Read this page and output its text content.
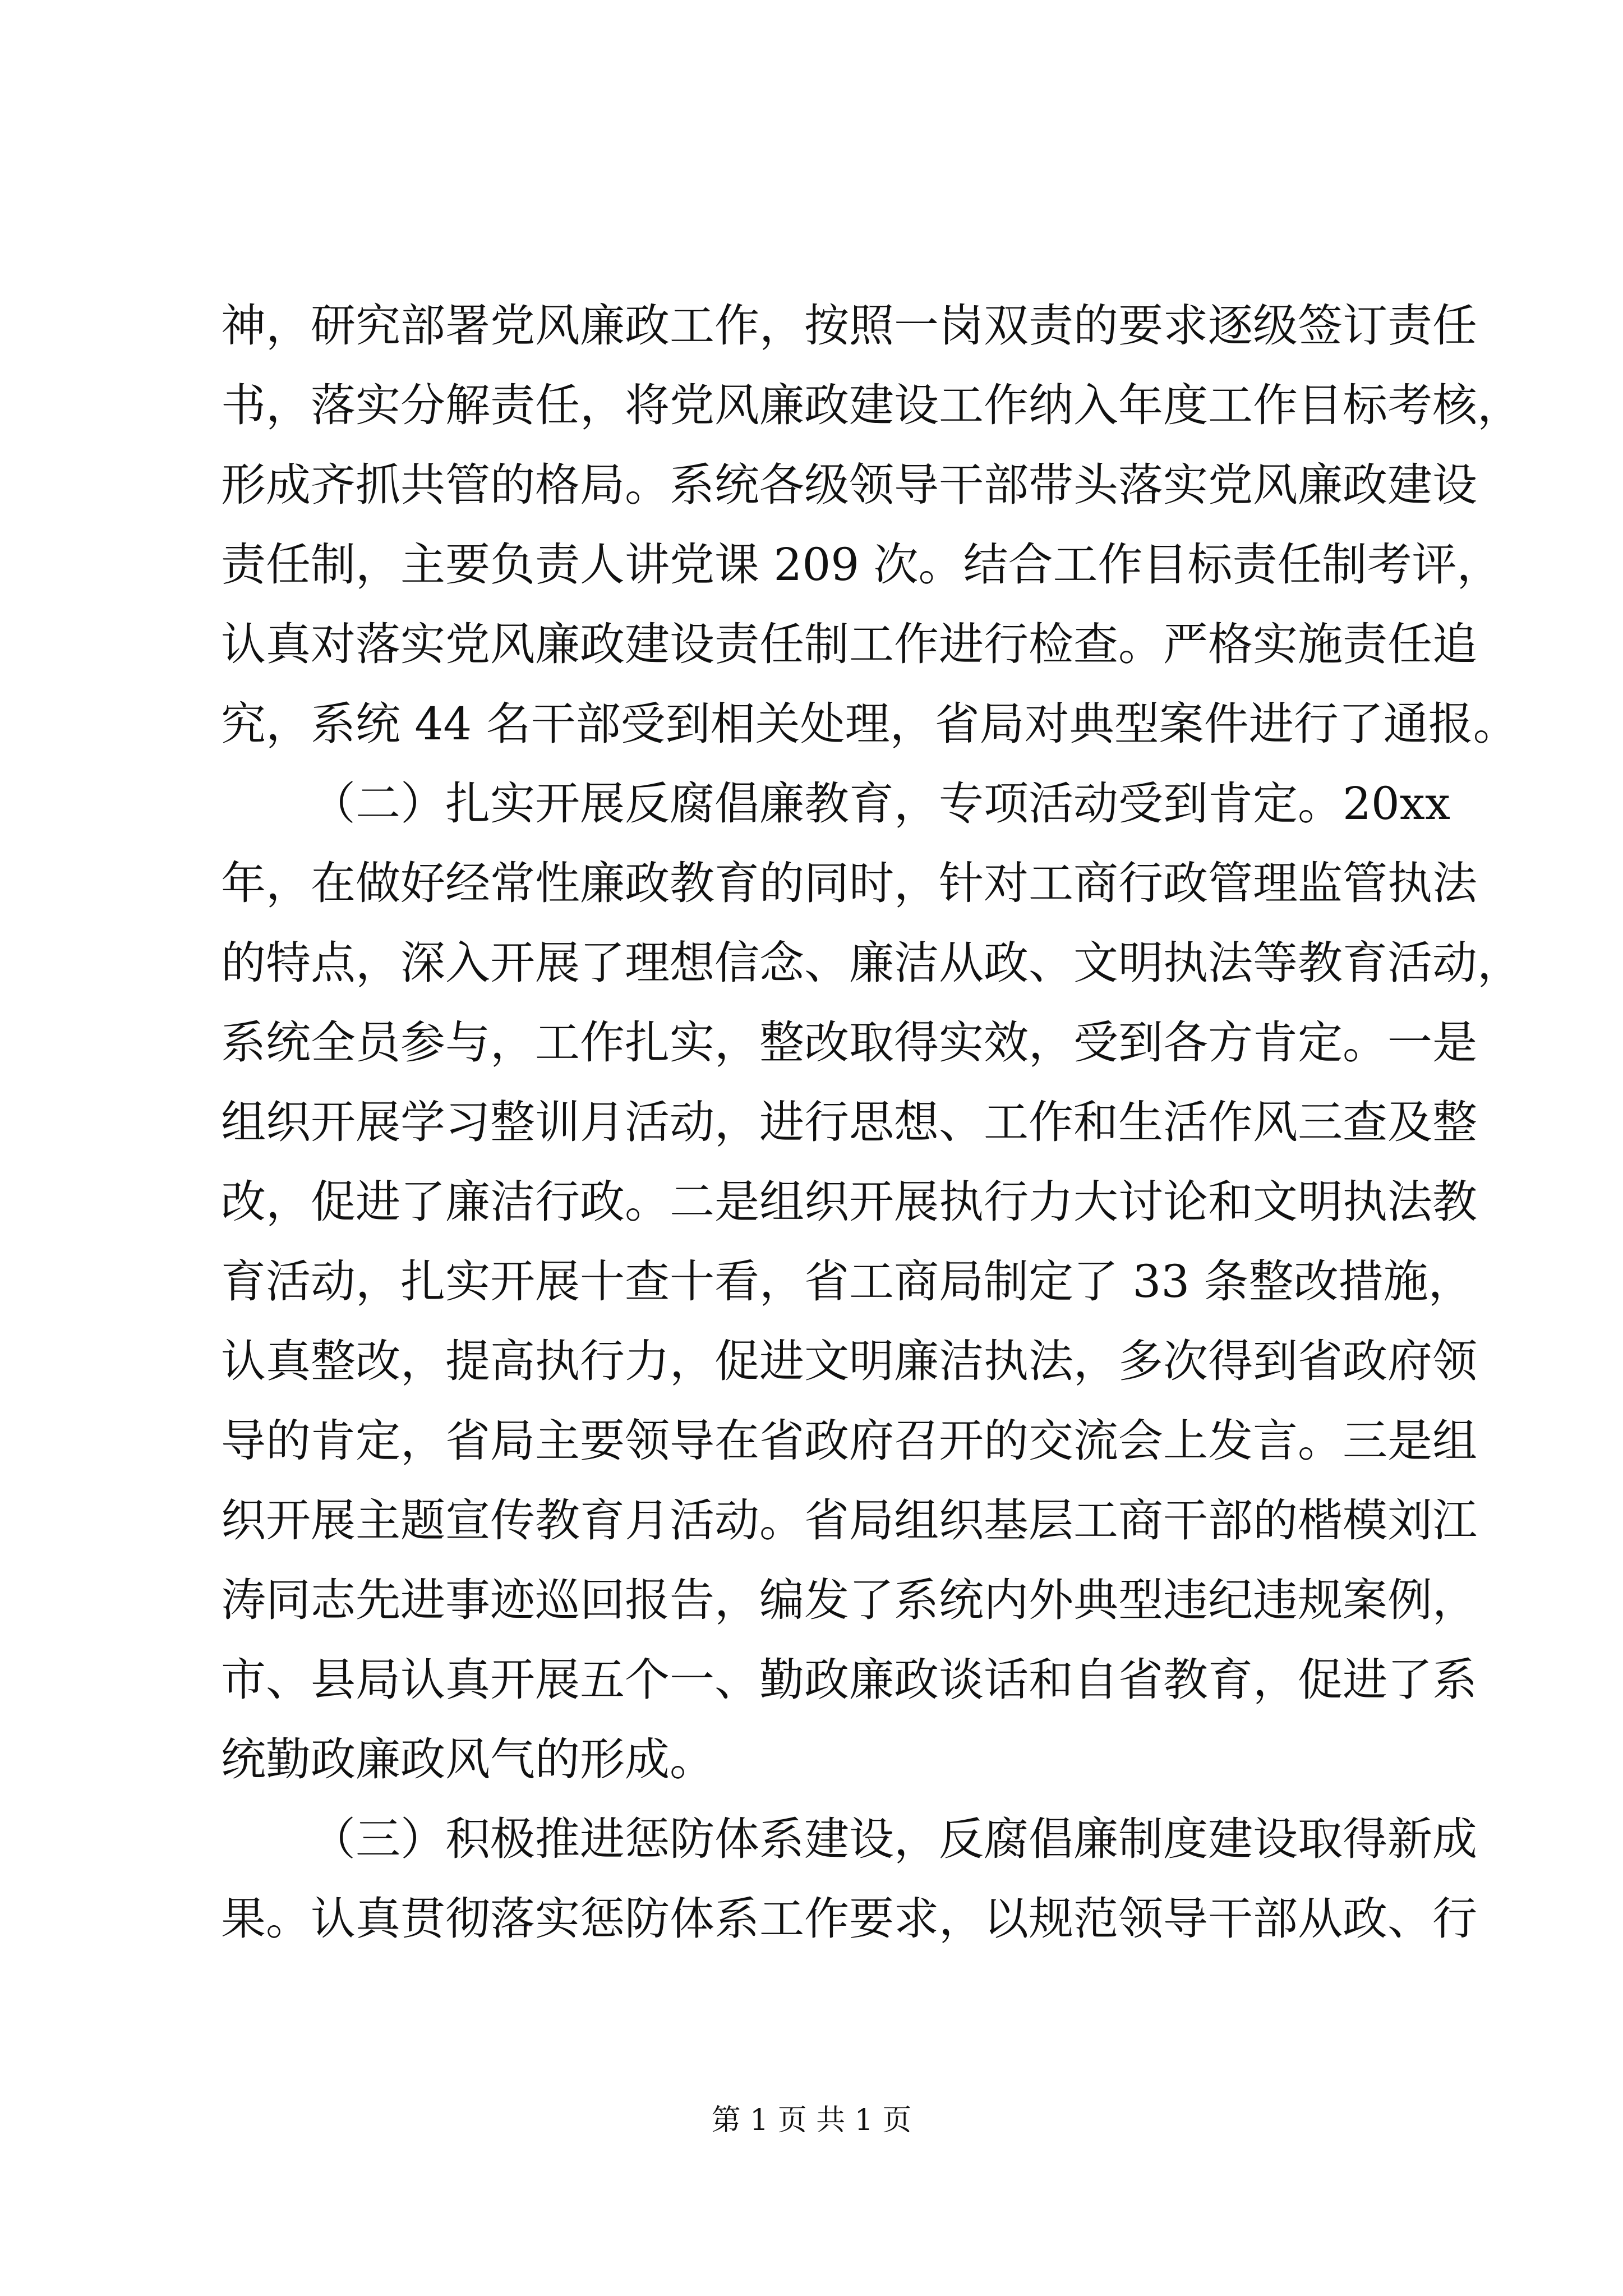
神，研究部署党风廉政工作，按照一岗双责的要求逐级签订责任
书，落实分解责任，将党风廉政建设工作纳入年度工作目标考核，
形成齐抓共管的格局。系统各级领导干部带头落实党风廉政建设
责任制，主要负责人讲党课 209 次。结合工作目标责任制考评，
认真对落实党风廉政建设责任制工作进行检查。严格实施责任追
究，系统 44 名干部受到相关处理，省局对典型案件进行了通报。
（二）扎实开展反腐倡廉教育，专项活动受到肯定。20xx
年，在做好经常性廉政教育的同时，针对工商行政管理监管执法
的特点，深入开展了理想信念、廉洁从政、文明执法等教育活动，
系统全员参与，工作扎实，整改取得实效，受到各方肯定。一是
组织开展学习整训月活动，进行思想、工作和生活作风三查及整
改，促进了廉洁行政。二是组织开展执行力大讨论和文明执法教
育活动，扎实开展十查十看，省工商局制定了 33 条整改措施，
认真整改，提高执行力，促进文明廉洁执法，多次得到省政府领
导的肯定，省局主要领导在省政府召开的交流会上发言。三是组
织开展主题宣传教育月活动。省局组织基层工商干部的楷模刘江
涛同志先进事迹巡回报告，编发了系统内外典型违纪违规案例，
市、县局认真开展五个一、勤政廉政谈话和自省教育，促进了系
统勤政廉政风气的形成。
（三）积极推进惩防体系建设，反腐倡廉制度建设取得新成
果。认真贯彻落实惩防体系工作要求，以规范领导干部从政、行
第 1 页 共 1 页
